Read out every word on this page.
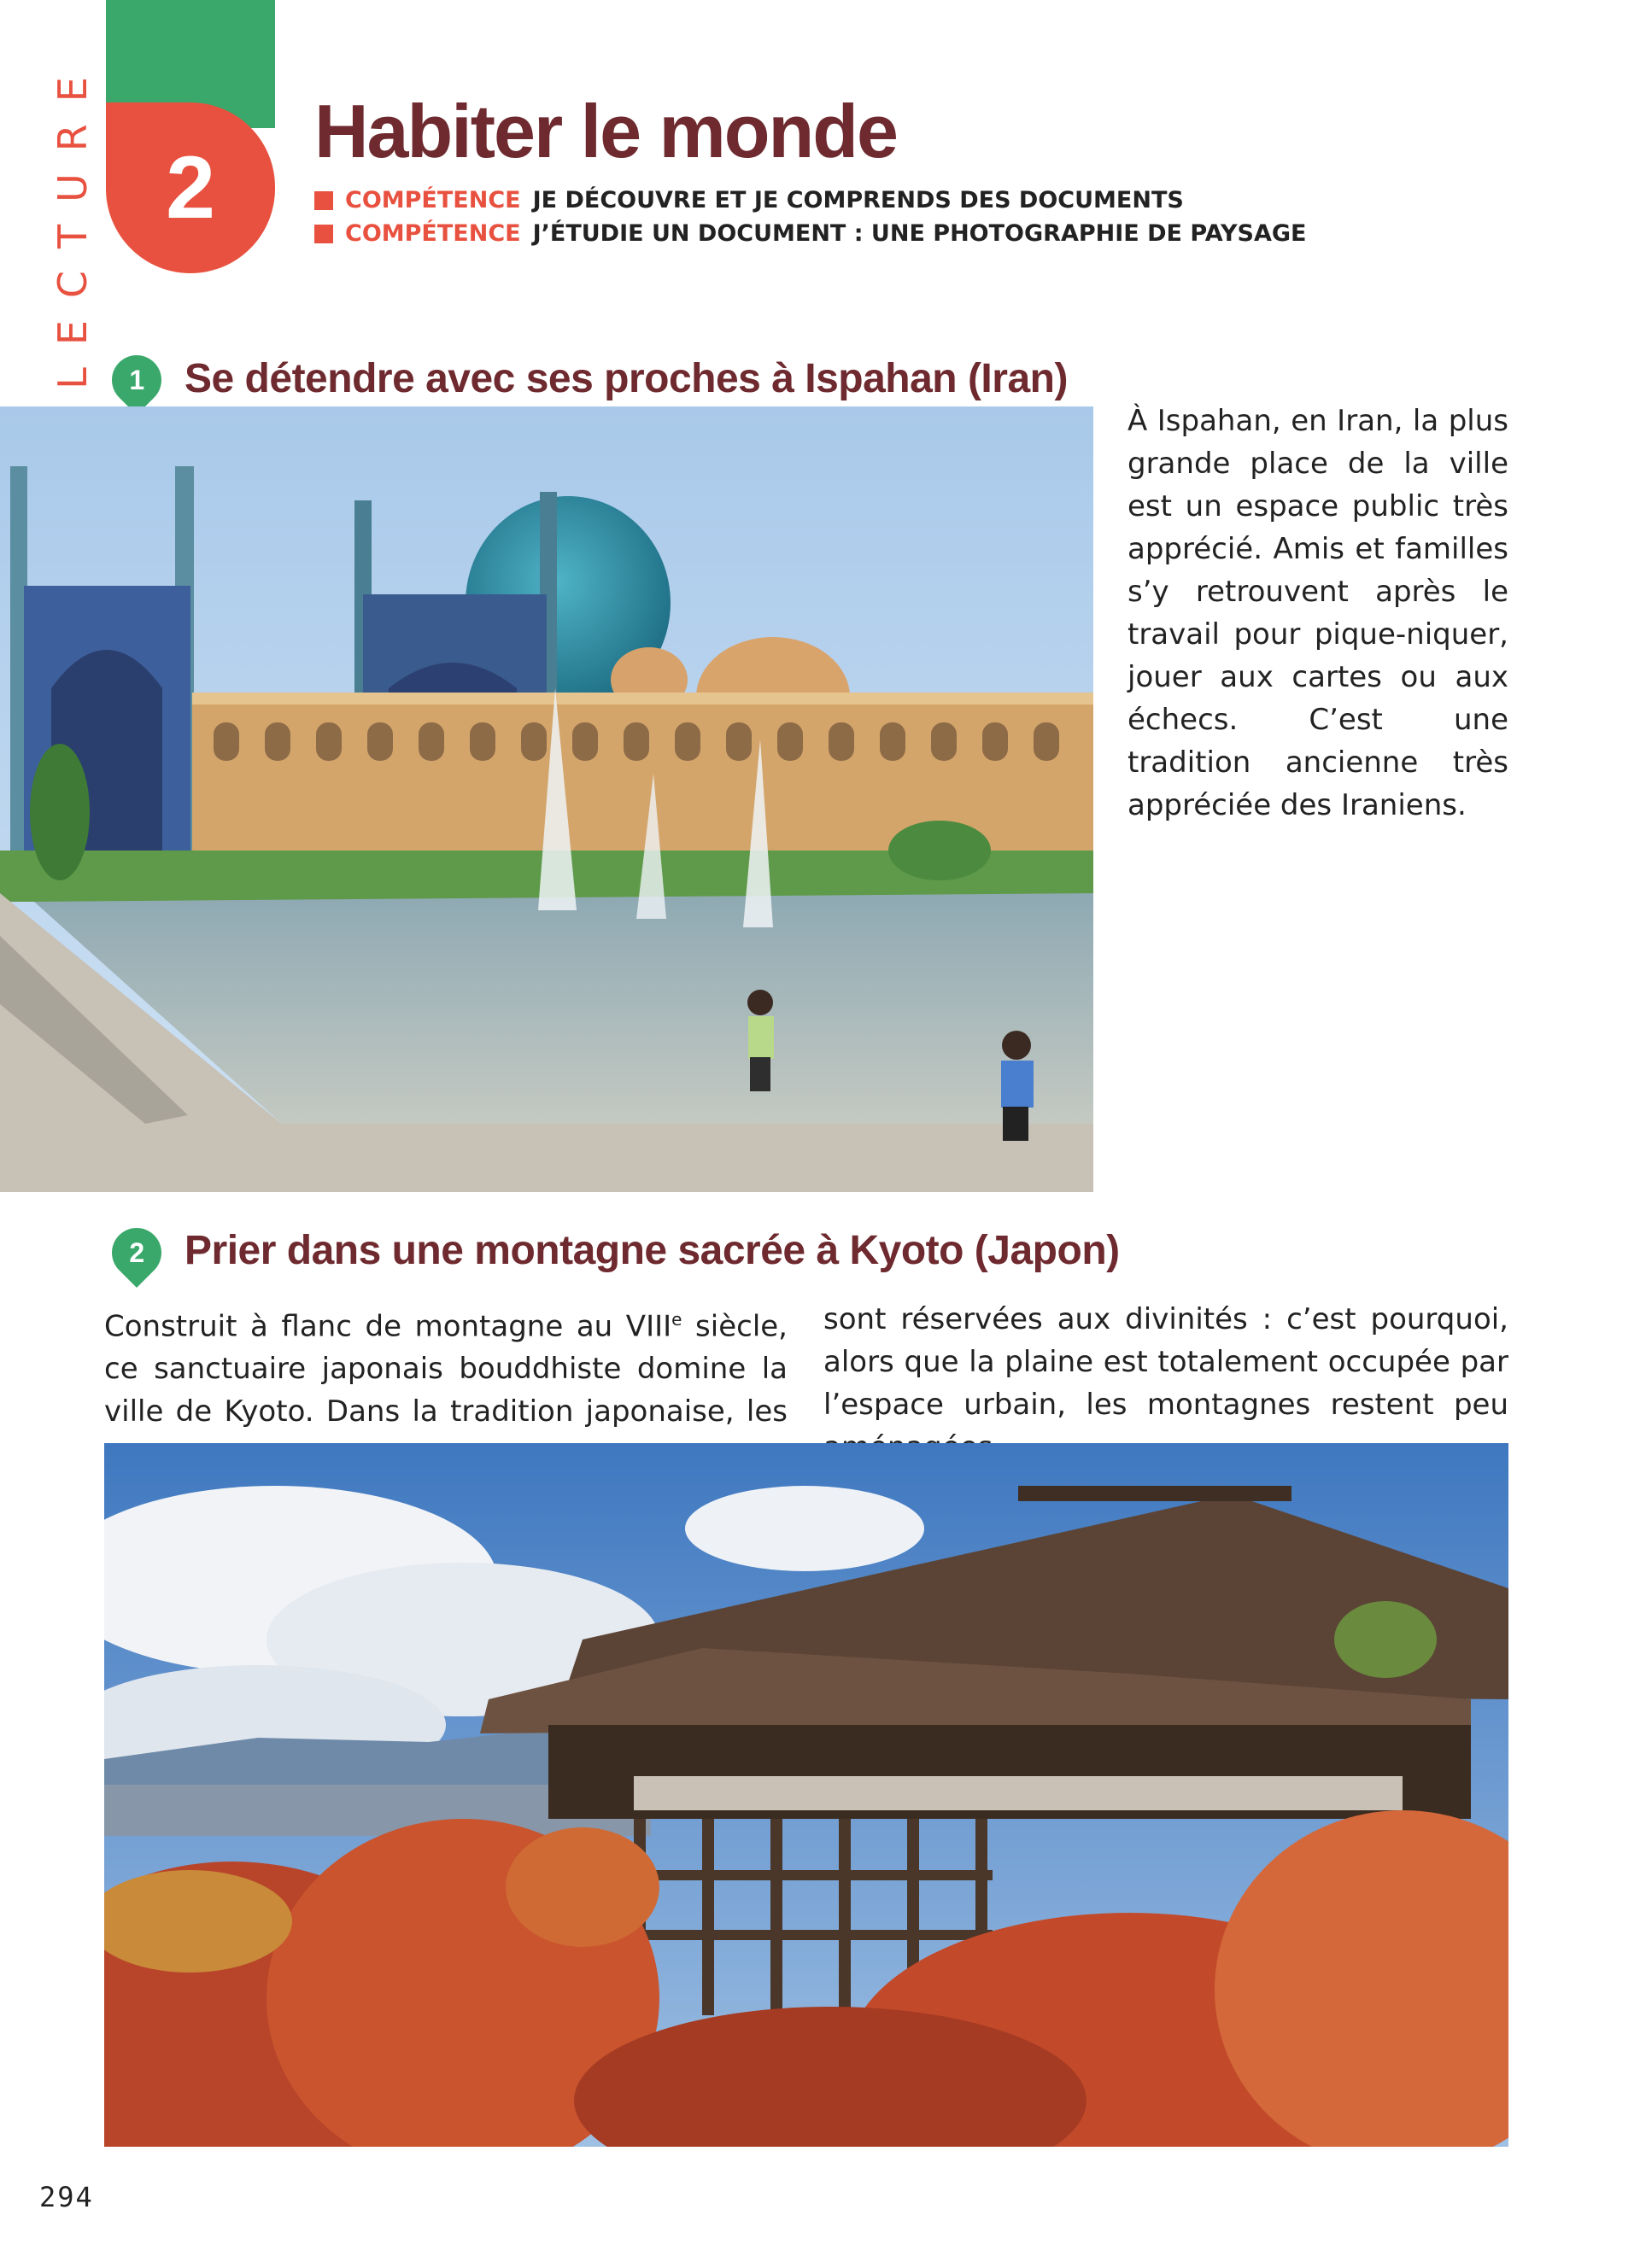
LECTURE 2
Habiter le monde
COMPÉTENCE JE DÉCOUVRE ET JE COMPRENDS DES DOCUMENTS
COMPÉTENCE J’ÉTUDIE UN DOCUMENT : UNE PHOTOGRAPHIE DE PAYSAGE
1 Se détendre avec ses proches à Ispahan (Iran)

À Ispahan, en Iran, la plus grande place de la ville est un espace public très apprécié. Amis et familles s’y retrouvent après le travail pour pique-niquer, jouer aux cartes ou aux échecs. C’est une tradition ancienne très appréciée des Iraniens.

2 Prier dans une montagne sacrée à Kyoto (Japon)

Construit à flanc de montagne au VIIIe siècle, ce sanctuaire japonais bouddhiste domine la ville de Kyoto. Dans la tradition japonaise, les

sont réservées aux divinités : c’est pourquoi, alors que la plaine est totalement occupée par l’espace urbain, les montagnes restent peu

294
